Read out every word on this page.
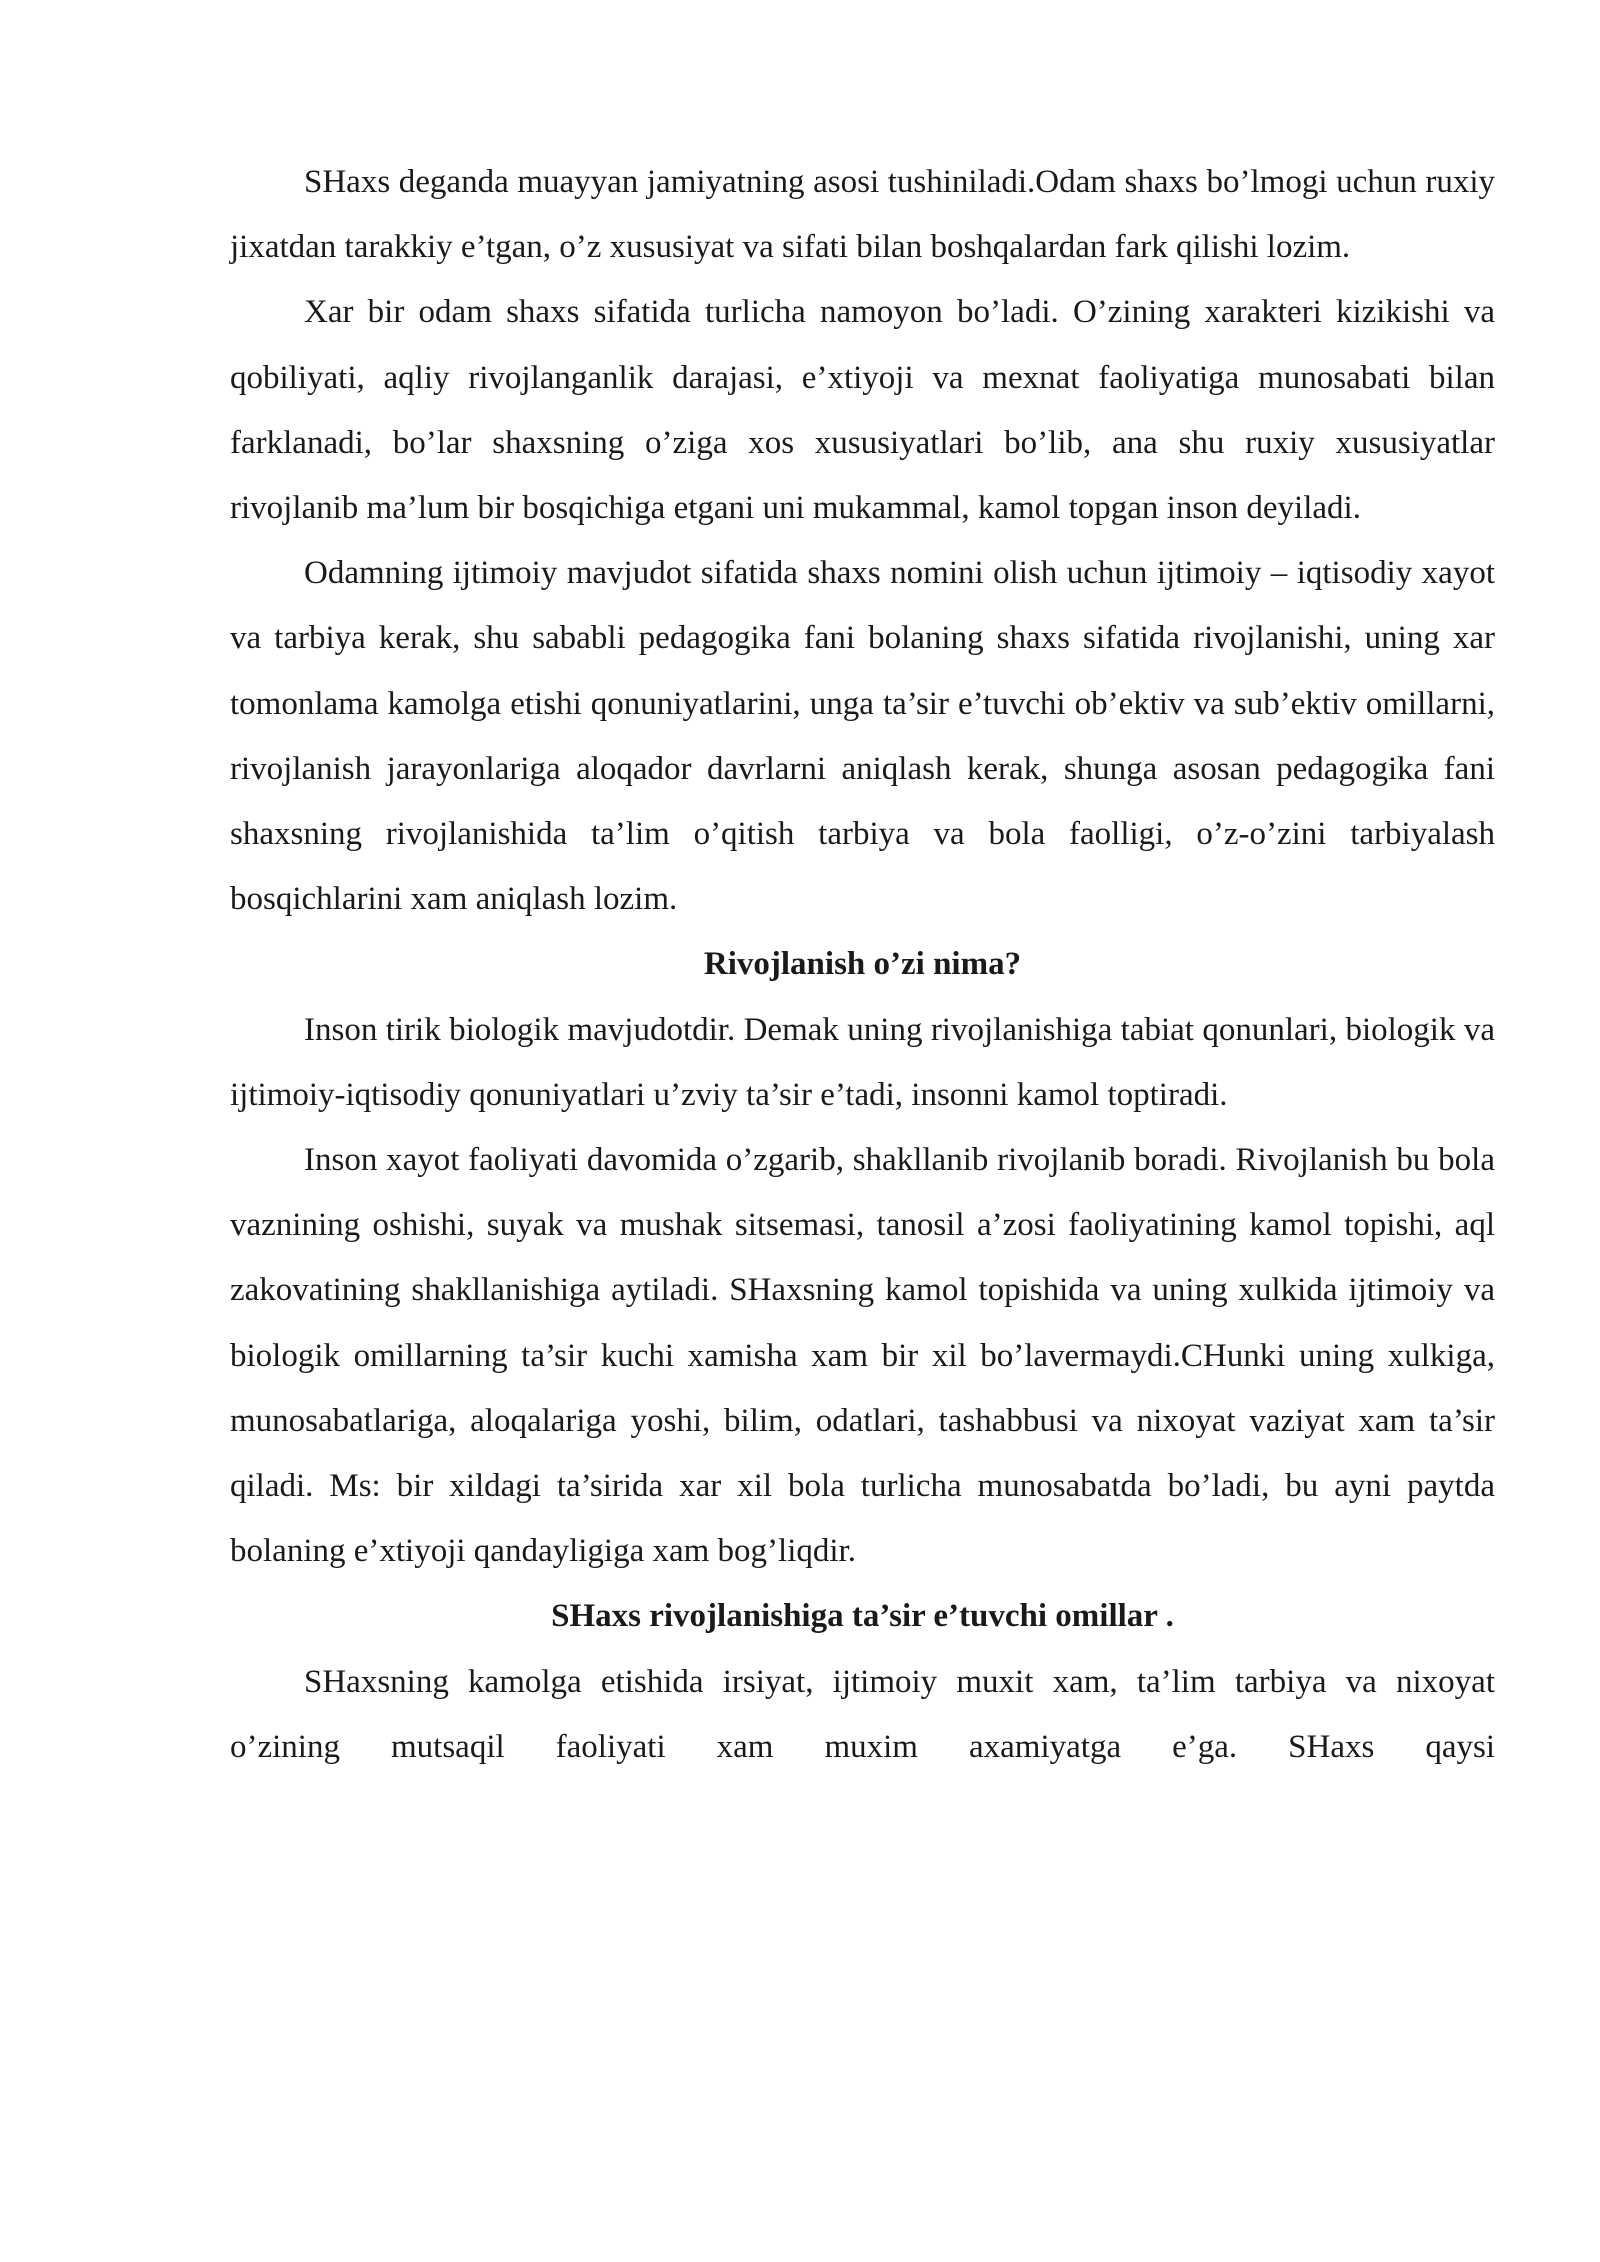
SHaxs deganda muayyan jamiyatning asosi tushiniladi.Odam shaxs bo’lmogi uchun ruxiy jixatdan tarakkiy e’tgan, o’z xususiyat va sifati bilan boshqalardan fark qilishi lozim.

Xar bir odam shaxs sifatida turlicha namoyon bo’ladi. O’zining xarakteri kizikishi va qobiliyati, aqliy rivojlanganlik darajasi, e’xtiyoji va mexnat faoliyatiga munosabati bilan farklanadi, bo’lar shaxsning o’ziga xos xususiyatlari bo’lib, ana shu ruxiy xususiyatlar rivojlanib ma’lum bir bosqichiga etgani uni mukammal, kamol topgan inson deyiladi.

Odamning ijtimoiy mavjudot sifatida shaxs nomini olish uchun ijtimoiy – iqtisodiy xayot va tarbiya kerak, shu sababli pedagogika fani bolaning shaxs sifatida rivojlanishi, uning xar tomonlama kamolga etishi qonuniyatlarini, unga ta’sir e’tuvchi ob’ektiv va sub’ektiv omillarni, rivojlanish jarayonlariga aloqador davrlarni aniqlash kerak, shunga asosan pedagogika fani shaxsning rivojlanishida ta’lim o’qitish tarbiya va bola faolligi, o’z-o’zini tarbiyalash bosqichlarini xam aniqlash lozim.

Rivojlanish o’zi nima?

Inson tirik biologik mavjudotdir. Demak uning rivojlanishiga tabiat qonunlari, biologik va ijtimoiy-iqtisodiy qonuniyatlari u’zviy ta’sir e’tadi, insonni kamol toptiradi.

Inson xayot faoliyati davomida o’zgarib, shakllanib rivojlanib boradi. Rivojlanish bu bola vaznining oshishi, suyak va mushak sitsemasi, tanosil a’zosi faoliyatining kamol topishi, aql zakovatining shakllanishiga aytiladi. SHaxsning kamol topishida va uning xulkida ijtimoiy va biologik omillarning ta’sir kuchi xamisha xam bir xil bo’lavermaydi.CHunki uning xulkiga, munosabatlariga, aloqalariga yoshi, bilim, odatlari, tashabbusi va nixoyat vaziyat xam ta’sir qiladi. Ms: bir xildagi ta’sirida xar xil bola turlicha munosabatda bo’ladi, bu ayni paytda bolaning e’xtiyoji qandayligiga xam bog’liqdir.

SHaxs rivojlanishiga ta’sir e’tuvchi omillar .

SHaxsning kamolga etishida irsiyat, ijtimoiy muxit xam, ta’lim tarbiya va nixoyat o’zining mutsaqil faoliyati xam muxim axamiyatga e’ga. SHaxs qaysi
